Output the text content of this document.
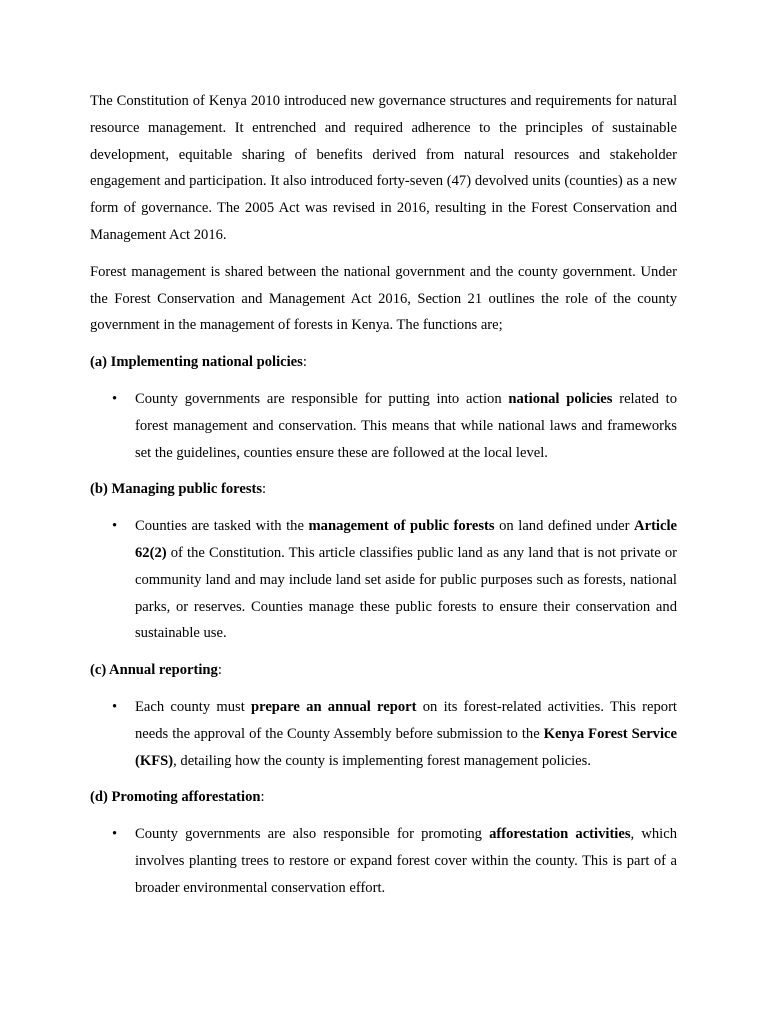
The Constitution of Kenya 2010 introduced new governance structures and requirements for natural resource management. It entrenched and required adherence to the principles of sustainable development, equitable sharing of benefits derived from natural resources and stakeholder engagement and participation. It also introduced forty-seven (47) devolved units (counties) as a new form of governance. The 2005 Act was revised in 2016, resulting in the Forest Conservation and Management Act 2016.

Forest management is shared between the national government and the county government. Under the Forest Conservation and Management Act 2016, Section 21 outlines the role of the county government in the management of forests in Kenya. The functions are;

(a) Implementing national policies:

• County governments are responsible for putting into action national policies related to forest management and conservation. This means that while national laws and frameworks set the guidelines, counties ensure these are followed at the local level.

(b) Managing public forests:

• Counties are tasked with the management of public forests on land defined under Article 62(2) of the Constitution. This article classifies public land as any land that is not private or community land and may include land set aside for public purposes such as forests, national parks, or reserves. Counties manage these public forests to ensure their conservation and sustainable use.

(c) Annual reporting:

• Each county must prepare an annual report on its forest-related activities. This report needs the approval of the County Assembly before submission to the Kenya Forest Service (KFS), detailing how the county is implementing forest management policies.

(d) Promoting afforestation:

• County governments are also responsible for promoting afforestation activities, which involves planting trees to restore or expand forest cover within the county. This is part of a broader environmental conservation effort.
